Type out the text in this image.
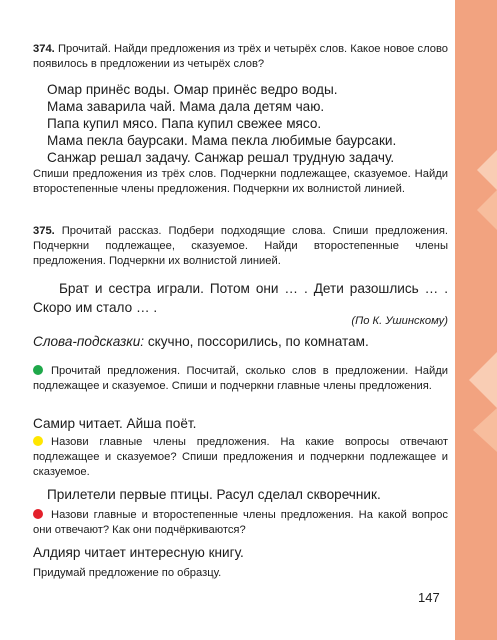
374. Прочитай. Найди предложения из трёх и четырёх слов. Какое новое слово появилось в предложении из четырёх слов?

Омар принёс воды. Омар принёс ведро воды.
Мама заварила чай. Мама дала детям чаю.
Папа купил мясо. Папа купил свежее мясо.
Мама пекла баурсаки. Мама пекла любимые баурсаки.
Санжар решал задачу. Санжар решал трудную задачу.

Спиши предложения из трёх слов. Подчеркни подлежащее, сказуемое. Найди второстепенные члены предложения. Подчеркни их волнистой линией.

375. Прочитай рассказ. Подбери подходящие слова. Спиши предложения. Подчеркни подлежащее, сказуемое. Найди второстепенные члены предложения. Подчеркни их волнистой линией.

Брат и сестра играли. Потом они … . Дети разошлись … . Скоро им стало … .

(По К. Ушинскому)

Слова-подсказки: скучно, поссорились, по комнатам.

Прочитай предложения. Посчитай, сколько слов в предложении. Найди подлежащее и сказуемое. Спиши и подчеркни главные члены предложения.

Самир читает. Айша поёт.

Назови главные члены предложения. На какие вопросы отвечают подлежащее и сказуемое? Спиши предложения и подчеркни подлежащее и сказуемое.

Прилетели первые птицы. Расул сделал скворечник.

Назови главные и второстепенные члены предложения. На какой вопрос они отвечают? Как они подчёркиваются?

Алдияр читает интересную книгу.

Придумай предложение по образцу.

147
